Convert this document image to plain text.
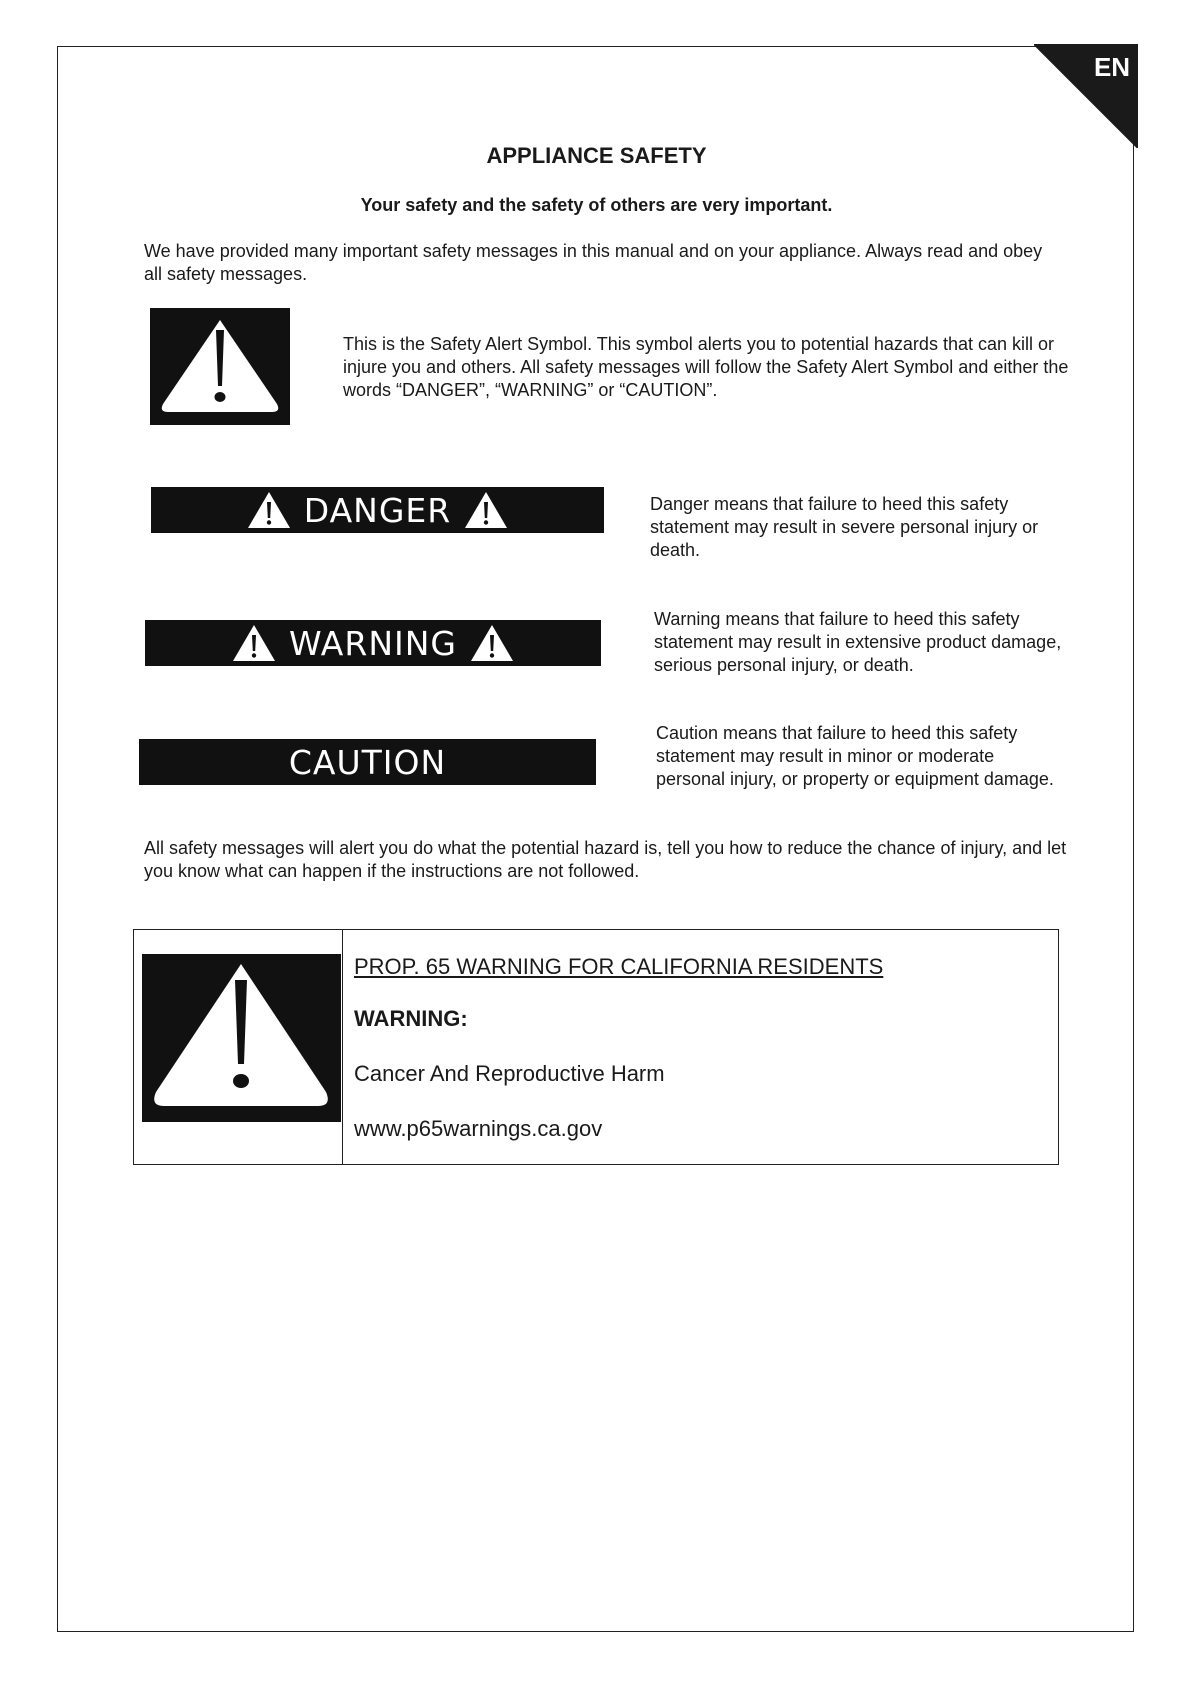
EN
APPLIANCE SAFETY
Your safety and the safety of others are very important.

We have provided many important safety messages in this manual and on your appliance. Always read and obey all safety messages.

This is the Safety Alert Symbol. This symbol alerts you to potential hazards that can kill or injure you and others. All safety messages will follow the Safety Alert Symbol and either the words “DANGER”, “WARNING” or “CAUTION”.

DANGER	Danger means that failure to heed this safety statement may result in severe personal injury or death.

WARNING

Warning means that failure to heed this safety statement may result in extensive product damage, serious personal injury, or death.

CAUTION

Caution means that failure to heed this safety statement may result in minor or moderate personal injury, or property or equipment damage.

All safety messages will alert you do what the potential hazard is, tell you how to reduce the chance of injury, and let you know what can happen if the instructions are not followed.

PROP. 65 WARNING FOR CALIFORNIA RESIDENTS

WARNING:

Cancer And Reproductive Harm

www.p65warnings.ca.gov
